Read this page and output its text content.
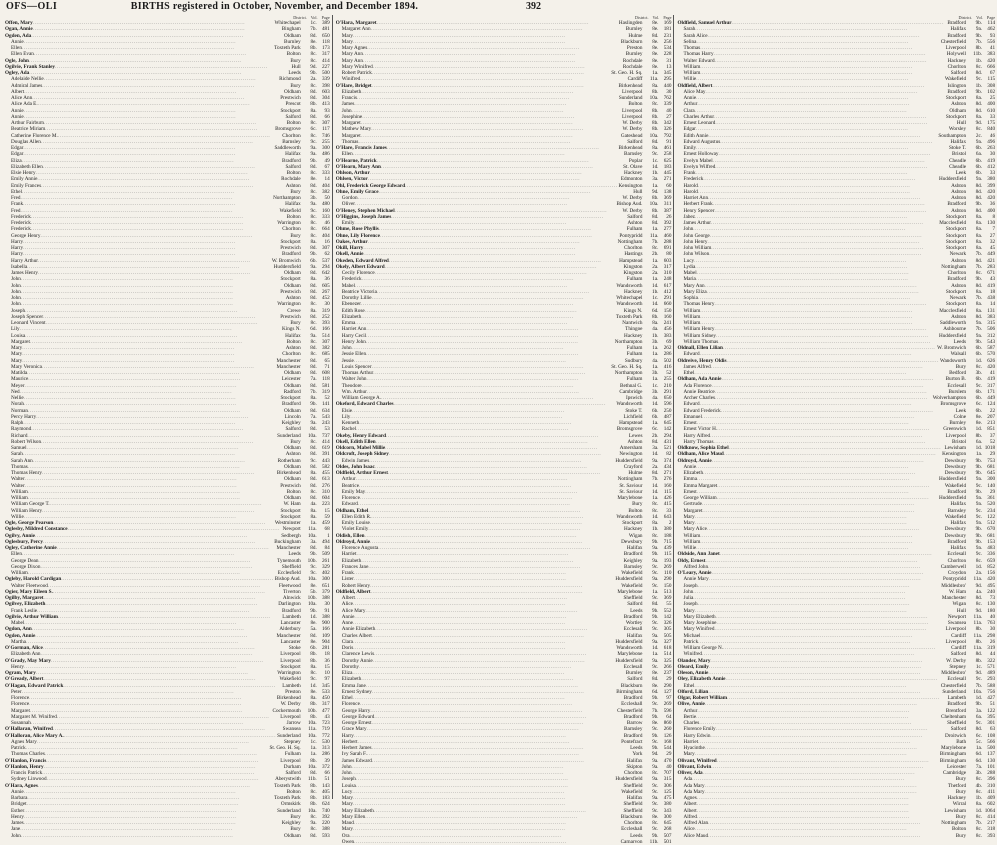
OFS—OLI	BIRTHS registered in October, November, and December 1894.	392
District. Vol. Page
Offen, Mary .....	Whitechapel	1c.	389
Ogan, Annie .....	Bingham	7b.	481
Ogden, Ada .....	Oldham	8d.	650
Annie .....	Burnley	8e.	118
Ellen .....	Toxteth Park	8b.	173
Ellen Evan .....	Bolton	8c.	317
Ogle, John .....	Bury	8c.	414
Ogilvie, Frank Stanley .....	Hull	9d.	227
Ogley, Ada .....	Leeds	9b.	500
Adelaide Nellie .....	Richmond	2a.	339
Admiral James .....	Bury	8c.	398
Albert .....	Oldham	8d.	603
Alice Ann .....	Prestwich	8d.	304
Alice Ada E. .....	Prescot	8b.	413
Annie .....	Stockport	8a.	93
Annie .....	Salford	8d.	66
Arthur Fairburn .....	Bolton	8c.	307
Beatrice Miriam .....	Bromsgrove	6c.	117
Catherine Florence M. .....	Chorlton	8c.	746
Douglas Allen .....	Barnsley	9c.	255
Edgar .....	Saddleworth	9a.	300
Edgar .....	Halifax	9a.	486
Eliza .....	Bradford	9b.	49
Elizabeth Ellen .....	Salford	8d.	67
Elsie Henry .....	Bolton	8c.	333
Emily Annie .....	Rochdale	8e.	14
Emily Frances .....	Ashton	8d.	404
Ethel .....	Bury	8c.	382
Fred .....	Northampton	3b.	50
Frank .....	Halifax	9a.	480
Fred .....	Wakefield	9c.	160
Frederick .....	Bolton	8c.	333
Frederick .....	Warrington	8c.	46
Frederick .....	Chorlton	8c.	664
George Henry .....	Bury	8c.	404
Harry .....	Stockport	8a.	16
Harry .....	Prestwich	8d.	307
Harry .....	Bradford	9b.	62
Harry Arthur .....	W. Bromwich	6b.	537
Isabella .....	Huddersfield	9a.	294
James Henry .....	Oldham	8d.	642
John .....	Stockport	8a.	36
John .....	Oldham	8d.	605
John .....	Prestwich	8d.	267
John .....	Ashton	8d.	452
John .....	Warrington	8c.	30
Joseph .....	Crewe	8a.	319
Joseph Spencer .....	Prestwich	8d.	252
Leonard Vincent .....	Bury	8c.	393
Lily .....	Kings N.	6d.	166
Louisa .....	Halifax	9a.	514
Margaret .....	Bolton	8c.	307
Mary .....	Ashton	8d.	382
Mary .....	Chorlton	8c.	685
Mary .....	Manchester	8d.	65
Mary Veronica .....	Manchester	8d.	71
Matilda .....	Oldham	8d.	608
Maurice .....	Leicester	7a.	118
Meyer .....	Oldham	8d.	581
Ned .....	Radford	7b.	319
Nellie .....	Stockport	8a.	52
Norah .....	Bradford	9b.	141
Norman .....	Oldham	8d.	634
Percy Harry .....	Lincoln	7a.	543
Ralph .....	Keighley	9a.	243
Raymond .....	Salford	8d.	53
Richard .....	Sunderland	10a.	737
Robert Wilson .....	Bury	8c.	414
Samuel .....	Oldham	8d.	619
Sarah .....	Ashton	8d.	391
Sarah Ann .....	Rotherham	9c.	443
Thomas .....	Oldham	8d.	582
Thomas Henry .....	Birkenhead	8a.	455
Walter .....	Oldham	8d.	613
Walter .....	Prestwich	8d.	276
William .....	Bolton	8c.	310
William .....	Oldham	8d.	604
William George T. .....	W. Ham	4a.	223
William Henry .....	Stockport	8a.	15
Willie .....	Stockport	8a.	59
Ogle, George Pearson .....	Westminster	1a.	459
Oglesby, Mildred Constance .....	Newport	11a.	68
Ogilvy, Annie .....	Sedbergh	10a.	1
Oglesbury, Percy .....	Buckingham	3a.	494
Ogley, Catherine Annie .....	Manchester	8d.	84
Ellen .....	Leeds	9b.	509
George Dean .....	Tynemouth	10b.	261
George Dixon .....	Sheffield	9c.	329
William .....	Ecclesfield	9c.	402
Ogleby, Harold Cardigan .....	Bishop Aud.	10a.	300
Walter Fleetwood .....	Fleetwood	8e.	651
Ogier, Mary Eileen S. .....	Tiverton	5b.	379
Ogilby, Margaret .....	Alnwick	10b.	388
Ogilvey, Elizabeth .....	Darlington	10a.	30
Frank Leslie .....	Bradford	9b.	91
Ogilvie, Arthur William .....	Lambeth	1d.	388
Mabel .....	Lancaster	8e.	900
Ogdon, Ann .....	Alderbury	5a.	166
Ogden, Annie .....	Manchester	8d.	109
Martha .....	Lancaster	8e.	904
O'Gorman, Alice .....	Stoke	6b.	281
Elizabeth Ann .....	Liverpool	8b.	18
O'Grady, May Mary .....	Liverpool	8b.	36
Henry .....	Stockport	8a.	15
Ogram, Mary .....	Warrington	8c.	10
O'Gready, Albert .....	Wakefield	9c.	97
O'Hagan, Edward Patrick .....	Lambeth	1d.	345
Peter .....	Preston	8e.	533
Florence .....	Birkenhead	8a.	450
Florence .....	W. Derby	8b.	317
Margaret .....	Cockermouth	10b.	477
Margaret M. Winifred .....	Liverpool	8b.	43
Susannah .....	Jarrow	10a.	723
O'Hallaran, Winifred .....	Swansea	11a.	719
O'Halloran, Alice Mary A. .....	Sunderland	10a.	772
Agnes Mary .....	Stepney	1c.	530
Patrick .....	St. Geo. H. Sq.	1a.	313
Thomas Charles .....	Fulham	1a.	286
O'Hanlon, Francis .....	Liverpool	8b.	39
O'Hanlon, Henry .....	Durham	10a.	372
Francis Patrick .....	Salford	8d.	66
Sydney Linwood .....	Aberystwith	11b.	51
O'Hara, Agnes .....	Toxteth Park	8b.	143
Annie .....	Bolton	8c.	405
Barbara .....	Toxteth Park	8b.	183
Bridget .....	Ormskirk	8b.	624
Esther .....	Sunderland	10a.	740
Henry .....	Bury	8c.	392
James .....	Keighley	9a.	220
Jane .....	Bury	8c.	388
John .....	Oldham	8d.	593
District. Vol. Page
O'Hara, Margaret .....	Haslingden	8e.	169
Margaret Ann .....	Burnley	8e.	181
Mary .....	Hulme	8d.	231
Mary .....	Blackburn	8e.	256
Mary Agnes .....	Preston	8e.	534
Mary Ann .....	Burnley	8e.	228
Mary Ann .....	Rochdale	8e.	31
Mary Winifred .....	Rochdale	8e.	13
Robert Patrick .....	St. Geo. H. Sq.	1a.	345
Winifred .....	Cardiff	11a.	295
O'Hare, Bridget .....	Birkenhead	8a.	440
Elizabeth .....	Liverpool	8b.	30
Francis .....	Sunderland	10a.	762
James .....	Bolton	8c.	339
John .....	Liverpool	8b.	40
Josephine .....	Liverpool	8b.	27
Margaret .....	W. Derby	8b.	342
Mathew Mary .....	W. Derby	8b.	326
Margaret .....	Gateshead	10a.	792
Thomas .....	Salford	8d.	91
O'Hare, Francis James .....	Birkenhead	8a.	461
Ellen .....	Barnsley	9c.	258
O'Hearne, Patrick .....	Poplar	1c.	625
O'Hearn, Mary Ann .....	St. Olave	1d.	183
Ohlson, Arthur .....	Hackney	1b.	445
Ohlsen, Victor .....	Edmonton	3a.	271
Ohl, Frederick George Edward .....	Kensington	1a.	60
Ohne, Emily Grace .....	Hull	9d.	138
Gordon .....	W. Derby	8b.	369
Oliver .....	Bishop Aud.	10a.	311
O'Heney, Stephen Michael .....	W. Derby	8b.	387
O'Higgins, Joseph James .....	Salford	8d.	26
Emily .....	Ashton	8d.	392
Ohme, Rose Phyllis .....	Fulham	1a.	277
Ohne, Lily Florence .....	Pontypridd	11a.	460
Oakes, Arthur .....	Nottingham	7b.	288
Okill, Harry .....	Chorlton	8c.	691
Okell, Annie .....	Hastings	2b.	80
Okeden, Edward Alfred .....	Hampstead	1a.	603
Okely, Albert Edward .....	Kingston	2a.	317
Cecily Florence .....	Kingston	2a.	310
Frederick .....	Fulham	1a.	248
Mabel .....	Wandsworth	1d.	617
Beatrice Victoria .....	Hackney	1b.	412
Dorothy Lillie .....	Whitechapel	1c.	291
Ebenezer .....	Wandsworth	1d.	660
Edith Rose .....	Kings N.	6d.	150
Elizabeth .....	Toxteth Park	8b.	160
Emma .....	Nantwich	8a.	241
Harriet Ann .....	Thingoe	4a.	456
Harry Cecil .....	Hackney	1b.	383
Henry John .....	Northampton	3b.	69
John .....	Fulham	1a.	262
Jessie Ellen .....	Fulham	1a.	286
Jessie .....	Sudbury	4a.	502
Louis Spencer .....	St. Geo. H. Sq.	1a.	416
Thomas Arthur .....	Northampton	3b.	52
Walter John .....	Fulham	1a.	255
Theodore .....	Bethnal G.	1c.	210
Wm. Arthur .....	Cambridge	3b.	291
William George A. .....	Ipswich	4a.	650
Okeford, Edward Charles .....	Wandsworth	1d.	596
Elsie .....	Stoke T.	6b.	250
Lily .....	Lichfield	6b.	487
Kenneth .....	Hampstead	1a.	645
Rachel .....	Bromsgrove	6c.	142
Okeby, Henry Edward .....	Lewes	2b.	294
Okell, Edith Ellen .....	Ashton	8d.	431
Oldcorn, Mabel Millie .....	Amersham	3a.	521
Oldcroft, Joseph Sidney .....	Newington	1d.	82
Edwin James .....	Huddersfield	9a.	374
Oldes, John Isaac .....	Crayford	2a.	434
Oldfield, Arthur Ernest .....	Hulme	8d.	271
Arthur .....	Nottingham	7b.	276
Beatrice .....	St. Saviour	1d.	160
Emily May .....	St. Saviour	1d.	115
Florence .....	Marylebone	1a.	426
Edward .....	Bury	8c.	415
Oldham, Ethel .....	Bolton	8c.	33
Ellen Edith R. .....	Wandsworth	1d.	643
Emily Louise .....	Stockport	8a.	2
Violet Emily .....	Hackney	1b.	380
Oldish, Ellen .....	Wigan	8c.	188
Oldroyd, Annie .....	Dewsbury	9b.	715
Florence Augusta .....	Halifax	9a.	439
Harriet .....	Bradford	9b.	115
Elizabeth .....	Keighley	9a.	193
Frances Jane .....	Barnsley	9c.	269
Frank .....	Wakefield	9c.	110
Lister .....	Huddersfield	9a.	290
Robert Henry .....	Wakefield	9c.	150
Oldfield, Albert .....	Marylebone	1a.	513
Albert .....	Sheffield	9c.	369
Alice .....	Salford	8d.	55
Alice Mary .....	Leeds	9b.	552
Annie .....	Bradford	9b.	142
Anne .....	Wortley	9c.	326
Annie Elizabeth .....	Ecclesall	9c.	305
Charles Albert .....	Halifax	9a.	505
Clara .....	Huddersfield	9a.	327
Doris .....	Wandsworth	1d.	618
Clarence Lewis .....	Marylebone	1a.	514
Dorothy Annie .....	Huddersfield	9a.	325
Dorothy .....	Ecclesall	9c.	266
Eliza .....	Burnley	8e.	237
Elizabeth .....	Salford	8d.	29
Emma Jane .....	Blackburn	8e.	290
Ernest Sydney .....	Birmingham	6d.	127
Ethel .....	Bradford	9b.	97
Florence .....	Eccleshall	9c.	269
George Harry .....	Chesterfield	7b.	596
George Edward .....	Bradford	9b.	64
George Ernest .....	Barrow	8e.	860
Grace Mary .....	Barnsley	9c.	260
Harry .....	Bradford	9b.	126
Herbert .....	Pontefract	9c.	168
Herbert James .....	Leeds	9b.	544
Ivy Sarah F. .....	York	9d.	29
James Edward .....	Halifax	9a.	470
John .....	Skipton	9a.	40
John .....	Chorlton	8c.	707
Joseph .....	Huddersfield	9a.	315
Louisa .....	Sheffield	9c.	306
Lucy .....	Wakefield	9c.	125
Mary .....	Halifax	9a.	475
Mary .....	Sheffield	9c.	380
Mary Elizabeth .....	Sheffield	9c.	343
Mary Ellen .....	Blackburn	8e.	300
Maud .....	Chorlton	8c.	645
Mary .....	Eccleshall	9c.	268
Ora .....	Leeds	9b.	507
Owen .....	Carnarvon	11b.	501
District. Vol. Page
Oldfield, Samuel Arthur .....	Bradford	9b.	114
Sarah .....	Halifax	9a.	462
Sarah Alice .....	Bradford	9b.	93
Selina .....	Chesterfield	7b.	556
Thomas .....	Liverpool	8b.	41
Thomas Harry .....	Holywell	11b.	383
Walter Edward .....	Hackney	1b.	420
William .....	Chorlton	8c.	666
William .....	Salford	8d.	67
Willie .....	Wakefield	9c.	115
Oldfield, Albert .....	Islington	1b.	308
Alice May .....	Bradford	9b.	102
Annie .....	Stockport	8a.	25
Arthur .....	Ashton	8d.	400
Clara .....	Oldham	8d.	610
Charles Arthur .....	Stockport	8a.	33
Ernest Leonard .....	Hull	9d.	175
Edgar .....	Worsley	8c.	840
Edith Annie .....	Southampton	2c.	46
Edward Augustus .....	Halifax	9a.	496
Emily .....	Stoke T.	6b.	263
Ernest Holloway .....	Bristol	6a.	30
Evelyn Mabel .....	Cheadle	6b.	419
Evelyn Wilfred .....	Cheadle	6b.	412
Frank .....	Leek	6b.	33
Frederick .....	Huddersfield	9a.	380
Harold .....	Ashton	8d.	399
Harold .....	Ashton	8d.	420
Harriet Ann .....	Ashton	8d.	420
Herbert Frank .....	Bradford	9b.	36
Henry Spencer .....	Ashton	8d.	400
Jabez .....	Stockport	8a.	8
James Arthur .....	Macclesfield	8a.	130
John .....	Stockport	8a.	7
John George .....	Stockport	8a.	27
John Henry .....	Stockport	8a.	32
John William .....	Stockport	8a.	45
John Wilson .....	Newark	7b.	449
Lucy .....	Ashton	8d.	421
Lydia .....	Nottingham	7b.	283
Mabel .....	Chorlton	8c.	671
Maria .....	Bradford	9b.	43
Mary Ann .....	Ashton	8d.	419
Mary Eliza .....	Stockport	8a.	18
Sophia .....	Newark	7b.	438
Thomas Henry .....	Stockport	8a.	14
William .....	Macclesfield	8a.	131
William .....	Ashton	8d.	383
William .....	Saddleworth	9a.	315
William Henry .....	Ashbourne	7b.	506
William Sidney .....	Huddersfield	9a.	312
William Thomas .....	Leeds	9b.	543
Oldnall, Ellen Lilian .....	W. Bromwich	6b.	587
Edward .....	Walsall	6b.	570
Oldreive, Henry Oldis .....	Wandsworth	1d.	626
James Alfred .....	Bury	8c.	420
Ethel .....	Bedford	3b.	41
Oldham, Ada Annie .....	Burton B.	6b.	419
Ada Florence .....	Ecclesall	9c.	317
Annie Beatrice .....	Burslem	6b.	171
Archer Charles .....	Wolverhampton	6b.	449
Edward .....	Bromsgrove	6c.	124
Edward Frederick .....	Leek	6b.	22
Emanuel .....	Colne	8e.	207
Ernest .....	Burnley	8e.	213
Ernest Victor H. .....	Greenwich	1d.	851
Harry Alfred .....	Liverpool	8b.	37
Harry Thomas .....	Bristol	6a.	52
Oldknow, Sophia Ethel .....	Lewisham	1d. 1018
Oldham, Alice Maud .....	Kensington	1a.	29
Oldroyd, Annie .....	Dewsbury	9b.	753
Annie .....	Dewsbury	9b.	681
Elizabeth .....	Dewsbury	9b.	645
Emma .....	Huddersfield	9a.	300
Emma Margaret .....	Wakefield	9c.	140
Ernest .....	Bradford	9b.	29
George William .....	Huddersfield	9a.	361
Gertrude .....	Halifax	9a.	520
Margaret .....	Barnsley	9c.	234
Mary .....	Wakefield	9c.	122
Mary .....	Halifax	9a.	512
Mary Alice .....	Dewsbury	9b.	670
William .....	Dewsbury	9b.	681
William .....	Bradford	9b.	153
Willie .....	Halifax	9a.	483
Oldside, Ann Janet .....	Ecclesall	9c.	336
Oldy, Ernest .....	Chorlton	8c.	659
Alfred John .....	Camberwell	1d.	852
O'Leary, Annie .....	Croydon	2a.	156
Annie Mary .....	Pontypridd	11a.	420
Joseph .....	Middlesbro'	9d.	495
John .....	W. Ham	4a.	240
Julia .....	Manchester	8d.	73
Joseph .....	Wigan	8c.	130
Mary .....	Hull	9d.	180
Mary Elizabeth .....	Newport	11a.	40
Mary Josephine .....	Swansea	11a.	763
Mary Winifred .....	Liverpool	8b.	30
Michael .....	Cardiff	11a.	298
Patrick .....	Liverpool	8b.	26
William George N. .....	Cardiff	11a.	319
Winifred .....	Salford	8d.	44
Olander, Mary .....	W. Derby	8b.	322
Oleard, Emily .....	Stepney	1c.	571
Oleson, Annie .....	Middlesbro'	9d.	489
Oley, Elizabeth Annie .....	Ecclesall	9c.	293
Ethel .....	Chesterfield	7b.	588
Olford, Lilian .....	Sunderland	10a.	756
Olgar, Robert William .....	Lambeth	1d.	427
Olive, Annie .....	Bradford	9b.	51
Arthur .....	Brentford	3a.	122
Bertie .....	Cheltenham	6a.	395
Charles .....	Sheffield	9c.	301
Florence Emily .....	Salford	8d.	63
Harry Edwin .....	Droitwich	6c.	108
Harriet .....	Bath	5c.	566
Hyacinthe .....	Marylebone	1a.	500
Mary .....	Birmingham	6d.	137
Olivant, Winifred .....	Birmingham	6d.	130
Olivant, Edwin .....	Leicester	7a.	101
Oliver, Ada .....	Cambridge	3b.	288
Ada .....	Bury	8c.	396
Ada Mary .....	Thetford	4b.	310
Ada Mary .....	Bury	8c.	411
Agnes .....	Hackney	1b.	409
Albert .....	Wirral	8a.	602
Albert .....	Lewisham	1d. 1064
Alfred .....	Bury	8c.	414
Alfred Alan .....	Nottingham	7b.	217
Alice .....	Bolton	8c.	318
Alice Maud .....	Bury	8c.	393
